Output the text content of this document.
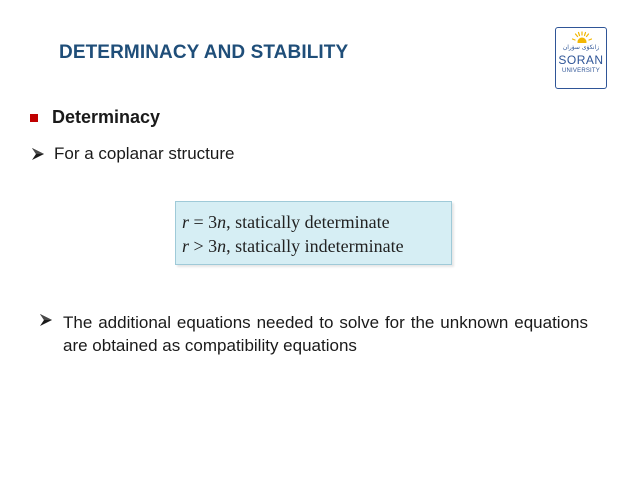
DETERMINACY AND STABILITY	زانکۆی سۆران
SORAN
UNIVERSITY
Determinacy
For a coplanar structure
r = 3n, statically determinate
r > 3n, statically indeterminate
The additional equations needed to solve for the unknown equations are obtained as compatibility equations
